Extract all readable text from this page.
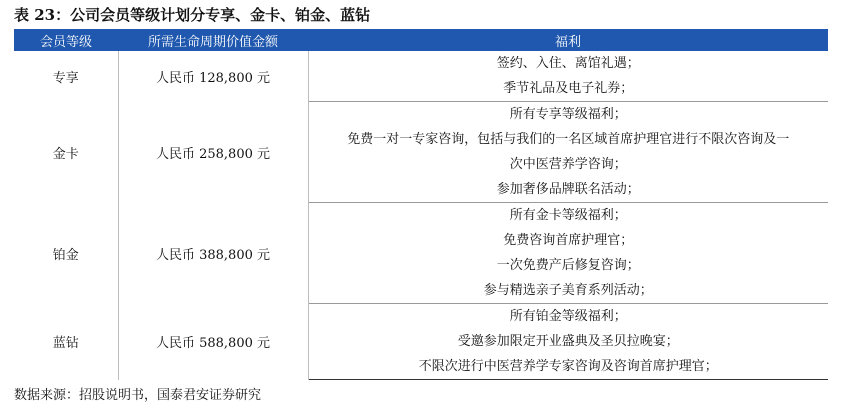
表 23：公司会员等级计划分专享、金卡、铂金、蓝钻
会员等级	所需生命周期价值金额	福利
专享	人民币 128,800 元	签约、入住、离馆礼遇；
		季节礼品及电子礼券；
金卡	人民币 258,800 元	所有专享等级福利；
		免费一对一专家咨询，包括与我们的一名区域首席护理官进行不限次咨询及一
		次中医营养学咨询；
		参加奢侈品牌联名活动；
铂金	人民币 388,800 元	所有金卡等级福利；
		免费咨询首席护理官；
		一次免费产后修复咨询；
		参与精选亲子美育系列活动；
蓝钻	人民币 588,800 元	所有铂金等级福利；
		受邀参加限定开业盛典及圣贝拉晚宴；
		不限次进行中医营养学专家咨询及咨询首席护理官；
数据来源：招股说明书，国泰君安证券研究
